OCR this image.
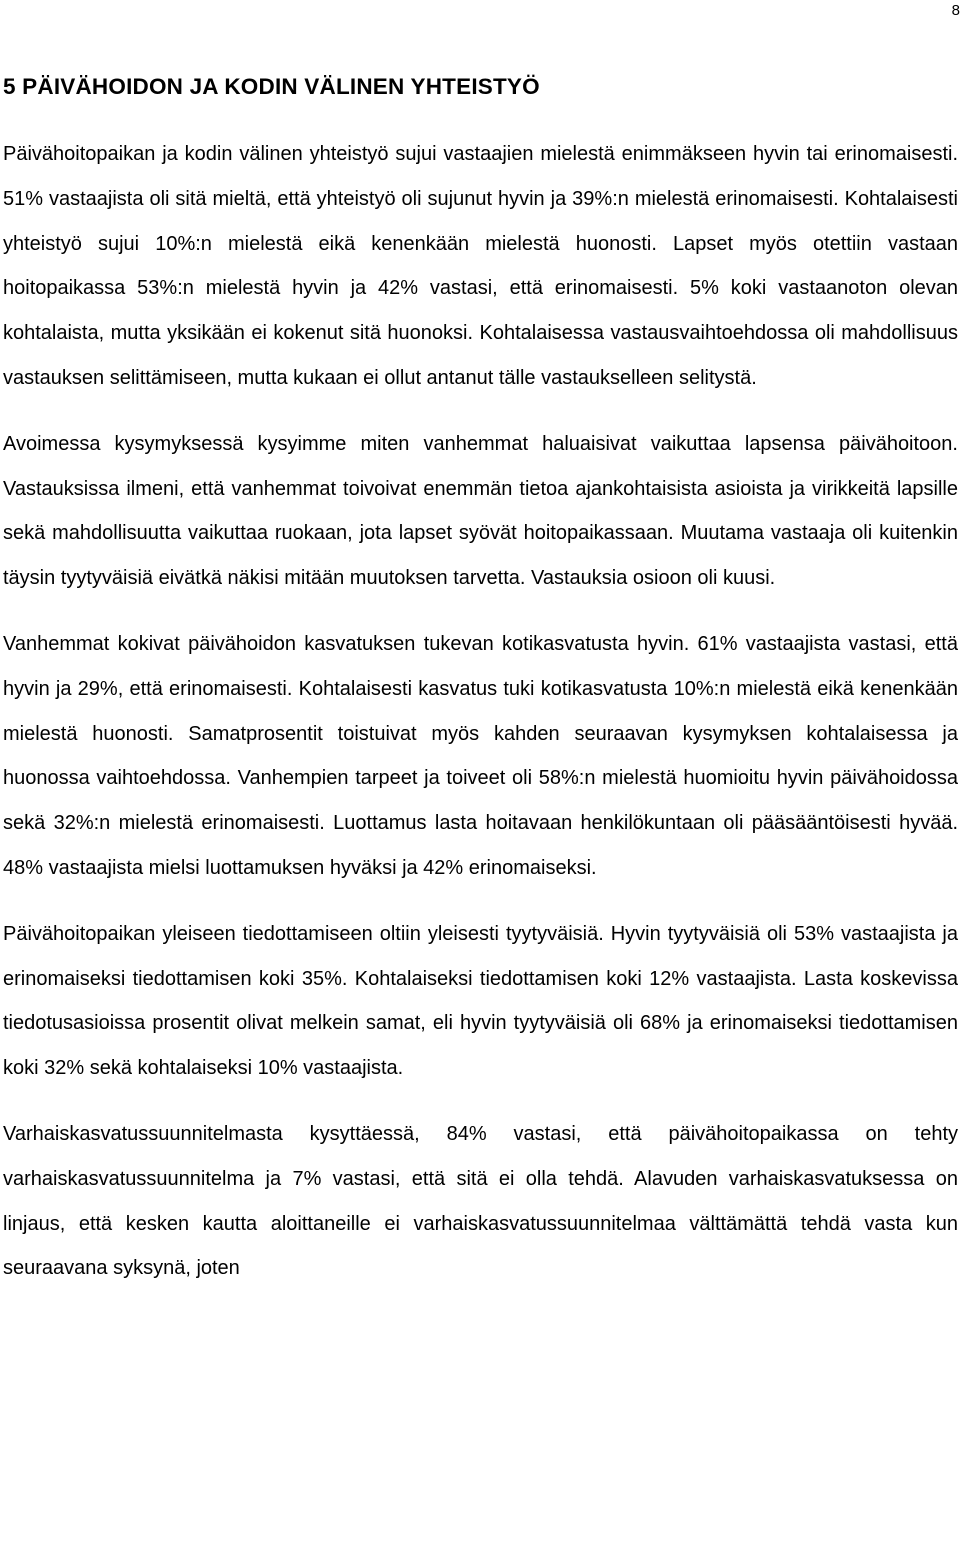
8
5 PÄIVÄHOIDON JA KODIN VÄLINEN YHTEISTYÖ

Päivähoitopaikan ja kodin välinen yhteistyö sujui vastaajien mielestä enimmäkseen hyvin tai erinomaisesti. 51% vastaajista oli sitä mieltä, että yhteistyö oli sujunut hyvin ja 39%:n mielestä erinomaisesti. Kohtalaisesti yhteistyö sujui 10%:n mielestä eikä kenenkään mielestä huonosti. Lapset myös otettiin vastaan hoitopaikassa 53%:n mielestä hyvin ja 42% vastasi, että erinomaisesti. 5% koki vastaanoton olevan kohtalaista, mutta yksikään ei kokenut sitä huonoksi. Kohtalaisessa vastausvaihtoehdossa oli mahdollisuus vastauksen selittämiseen, mutta kukaan ei ollut antanut tälle vastaukselleen selitystä.

Avoimessa kysymyksessä kysyimme miten vanhemmat haluaisivat vaikuttaa lapsensa päivähoitoon. Vastauksissa ilmeni, että vanhemmat toivoivat enemmän tietoa ajankohtaisista asioista ja virikkeitä lapsille sekä mahdollisuutta vaikuttaa ruokaan, jota lapset syövät hoitopaikassaan. Muutama vastaaja oli kuitenkin täysin tyytyväisiä eivätkä näkisi mitään muutoksen tarvetta. Vastauksia osioon oli kuusi.

Vanhemmat kokivat päivähoidon kasvatuksen tukevan kotikasvatusta hyvin. 61% vastaajista vastasi, että hyvin ja 29%, että erinomaisesti. Kohtalaisesti kasvatus tuki kotikasvatusta 10%:n mielestä eikä kenenkään mielestä huonosti. Samatprosentit toistuivat myös kahden seuraavan kysymyksen kohtalaisessa ja huonossa vaihtoehdossa. Vanhempien tarpeet ja toiveet oli 58%:n mielestä huomioitu hyvin päivähoidossa sekä 32%:n mielestä erinomaisesti. Luottamus lasta hoitavaan henkilökuntaan oli pääsääntöisesti hyvää. 48% vastaajista mielsi luottamuksen hyväksi ja 42% erinomaiseksi.

Päivähoitopaikan yleiseen tiedottamiseen oltiin yleisesti tyytyväisiä. Hyvin tyytyväisiä oli 53% vastaajista ja erinomaiseksi tiedottamisen koki 35%. Kohtalaiseksi tiedottamisen koki 12% vastaajista. Lasta koskevissa tiedotusasioissa prosentit olivat melkein samat, eli hyvin tyytyväisiä oli 68% ja erinomaiseksi tiedottamisen koki 32% sekä kohtalaiseksi 10% vastaajista.

Varhaiskasvatussuunnitelmasta kysyttäessä, 84% vastasi, että päivähoitopaikassa on tehty varhaiskasvatussuunnitelma ja 7% vastasi, että sitä ei olla tehdä. Alavuden varhaiskasvatuksessa on linjaus, että kesken kautta aloittaneille ei varhaiskasvatussuunnitelmaa välttämättä tehdä vasta kun seuraavana syksynä, joten
